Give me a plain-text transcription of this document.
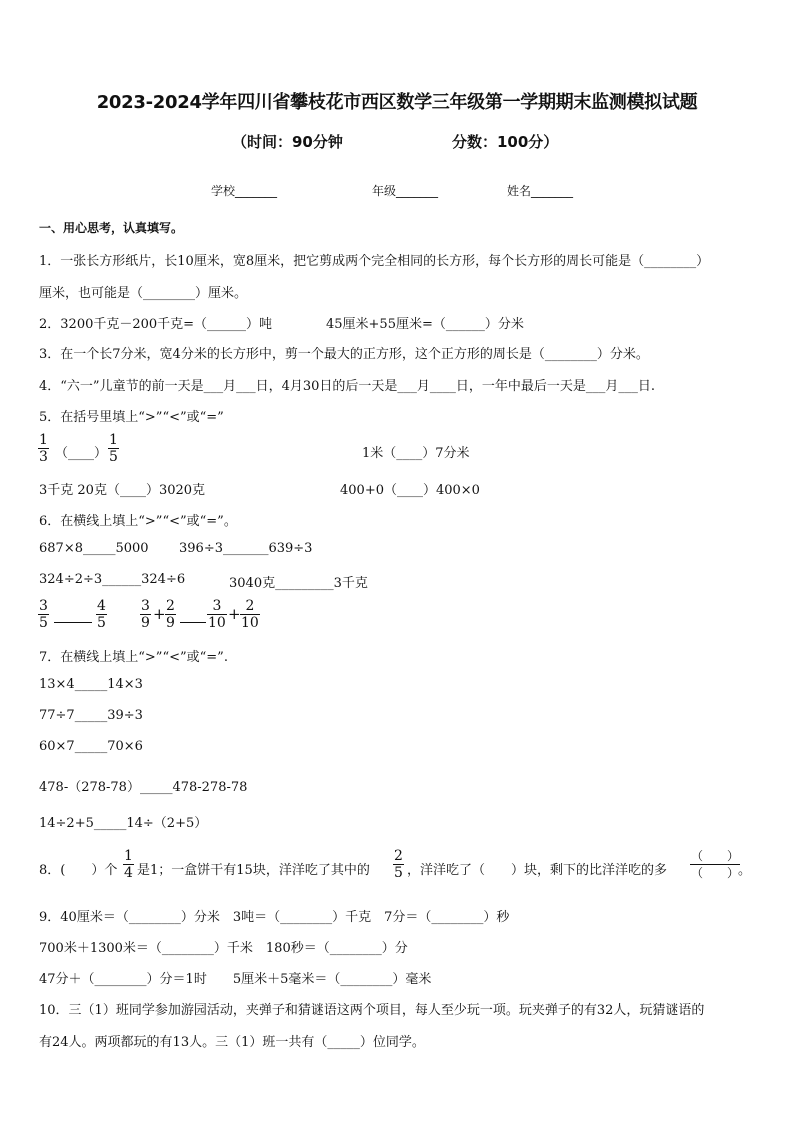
2023-2024学年四川省攀枝花市西区数学三年级第一学期期末监测模拟试题
（时间：90分钟	分数：100分）
学校_______	年级_______	姓名_______
一、用心思考，认真填写。
1．一张长方形纸片，长10厘米，宽8厘米，把它剪成两个完全相同的长方形，每个长方形的周长可能是（________）
厘米，也可能是（________）厘米。
2．3200千克－200千克=（______）吨	45厘米+55厘米=（______）分米
3．在一个长7分米，宽4分米的长方形中，剪一个最大的正方形，这个正方形的周长是（________）分米。
4．“六一”儿童节的前一天是___月___日，4月30日的后一天是___月____日，一年中最后一天是___月___日.
5．在括号里填上“>”“<”或“=”
$\frac{1}{3}$ （____） $\frac{1}{5}$	1米（____）7分米
3千克 20克（____）3020克	400+0（____）400×0
6．在横线上填上“>”“<”或“=”。
687×8_____5000 396÷3_______639÷3
324÷2÷3______324÷6	3040克_________3千克
$\frac{3}{5}$	$\frac{4}{5} \frac{3}{9} + \frac{2}{9} \frac{3}{10} + \frac{2}{10}$
7．在横线上填上“>”“<”或“=”.
13×4_____14×3
77÷7_____39÷3
60×7_____70×6
478-（278-78）_____478-278-78
14÷2+5_____14÷（2+5）
8．(　　）个 $\frac{1}{4}$ 是1；一盒饼干有15块，洋洋吃了其中的 $\frac{2}{5}$ ，洋洋吃了（　　）块，剩下的比洋洋吃的多
（　　）
（　　）
。
9．40厘米＝（________）分米　3吨＝（________）千克　7分＝（________）秒
700米＋1300米＝（________）千米　180秒＝（________）分
47分＋（________）分＝1时　　5厘米＋5毫米＝（________）毫米
10．三（1）班同学参加游园活动，夹弹子和猜谜语这两个项目，每人至少玩一项。玩夹弹子的有32人，玩猜谜语的
有24人。两项都玩的有13人。三（1）班一共有（_____）位同学。
